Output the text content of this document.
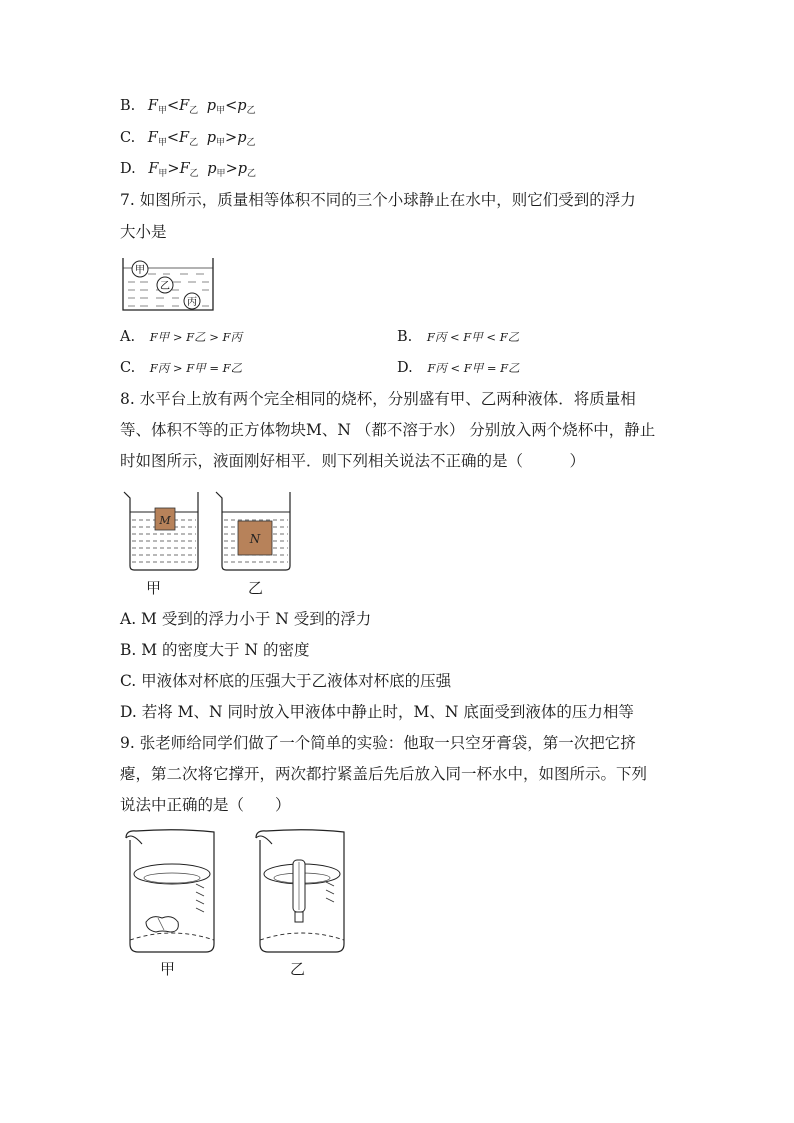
B. $F_甲<F_乙$ $p_甲<p_乙$
C. $F_甲<F_乙$ $p_甲>p_乙$
D. $F_甲>F_乙$ $p_甲>p_乙$
7. 如图所示，质量相等体积不同的三个小球静止在水中，则它们受到的浮力
大小是
甲
乙
丙
A. F甲 > F乙 > F丙	B. F丙 < F甲 < F乙
C. F丙 > F甲 = F乙	D. F丙 < F甲 = F乙
8. 水平台上放有两个完全相同的烧杯，分别盛有甲、乙两种液体．将质量相
等、体积不等的正方体物块M、N （都不溶于水） 分别放入两个烧杯中，静止
时如图所示，液面刚好相平．则下列相关说法不正确的是（　　　）
M
N
甲	乙
A. M 受到的浮力小于 N 受到的浮力
B. M 的密度大于 N 的密度
C. 甲液体对杯底的压强大于乙液体对杯底的压强
D. 若将 M、N 同时放入甲液体中静止时，M、N 底面受到液体的压力相等
9. 张老师给同学们做了一个简单的实验：他取一只空牙膏袋，第一次把它挤
瘪，第二次将它撑开，两次都拧紧盖后先后放入同一杯水中，如图所示。下列
说法中正确的是（　　）
甲	乙
